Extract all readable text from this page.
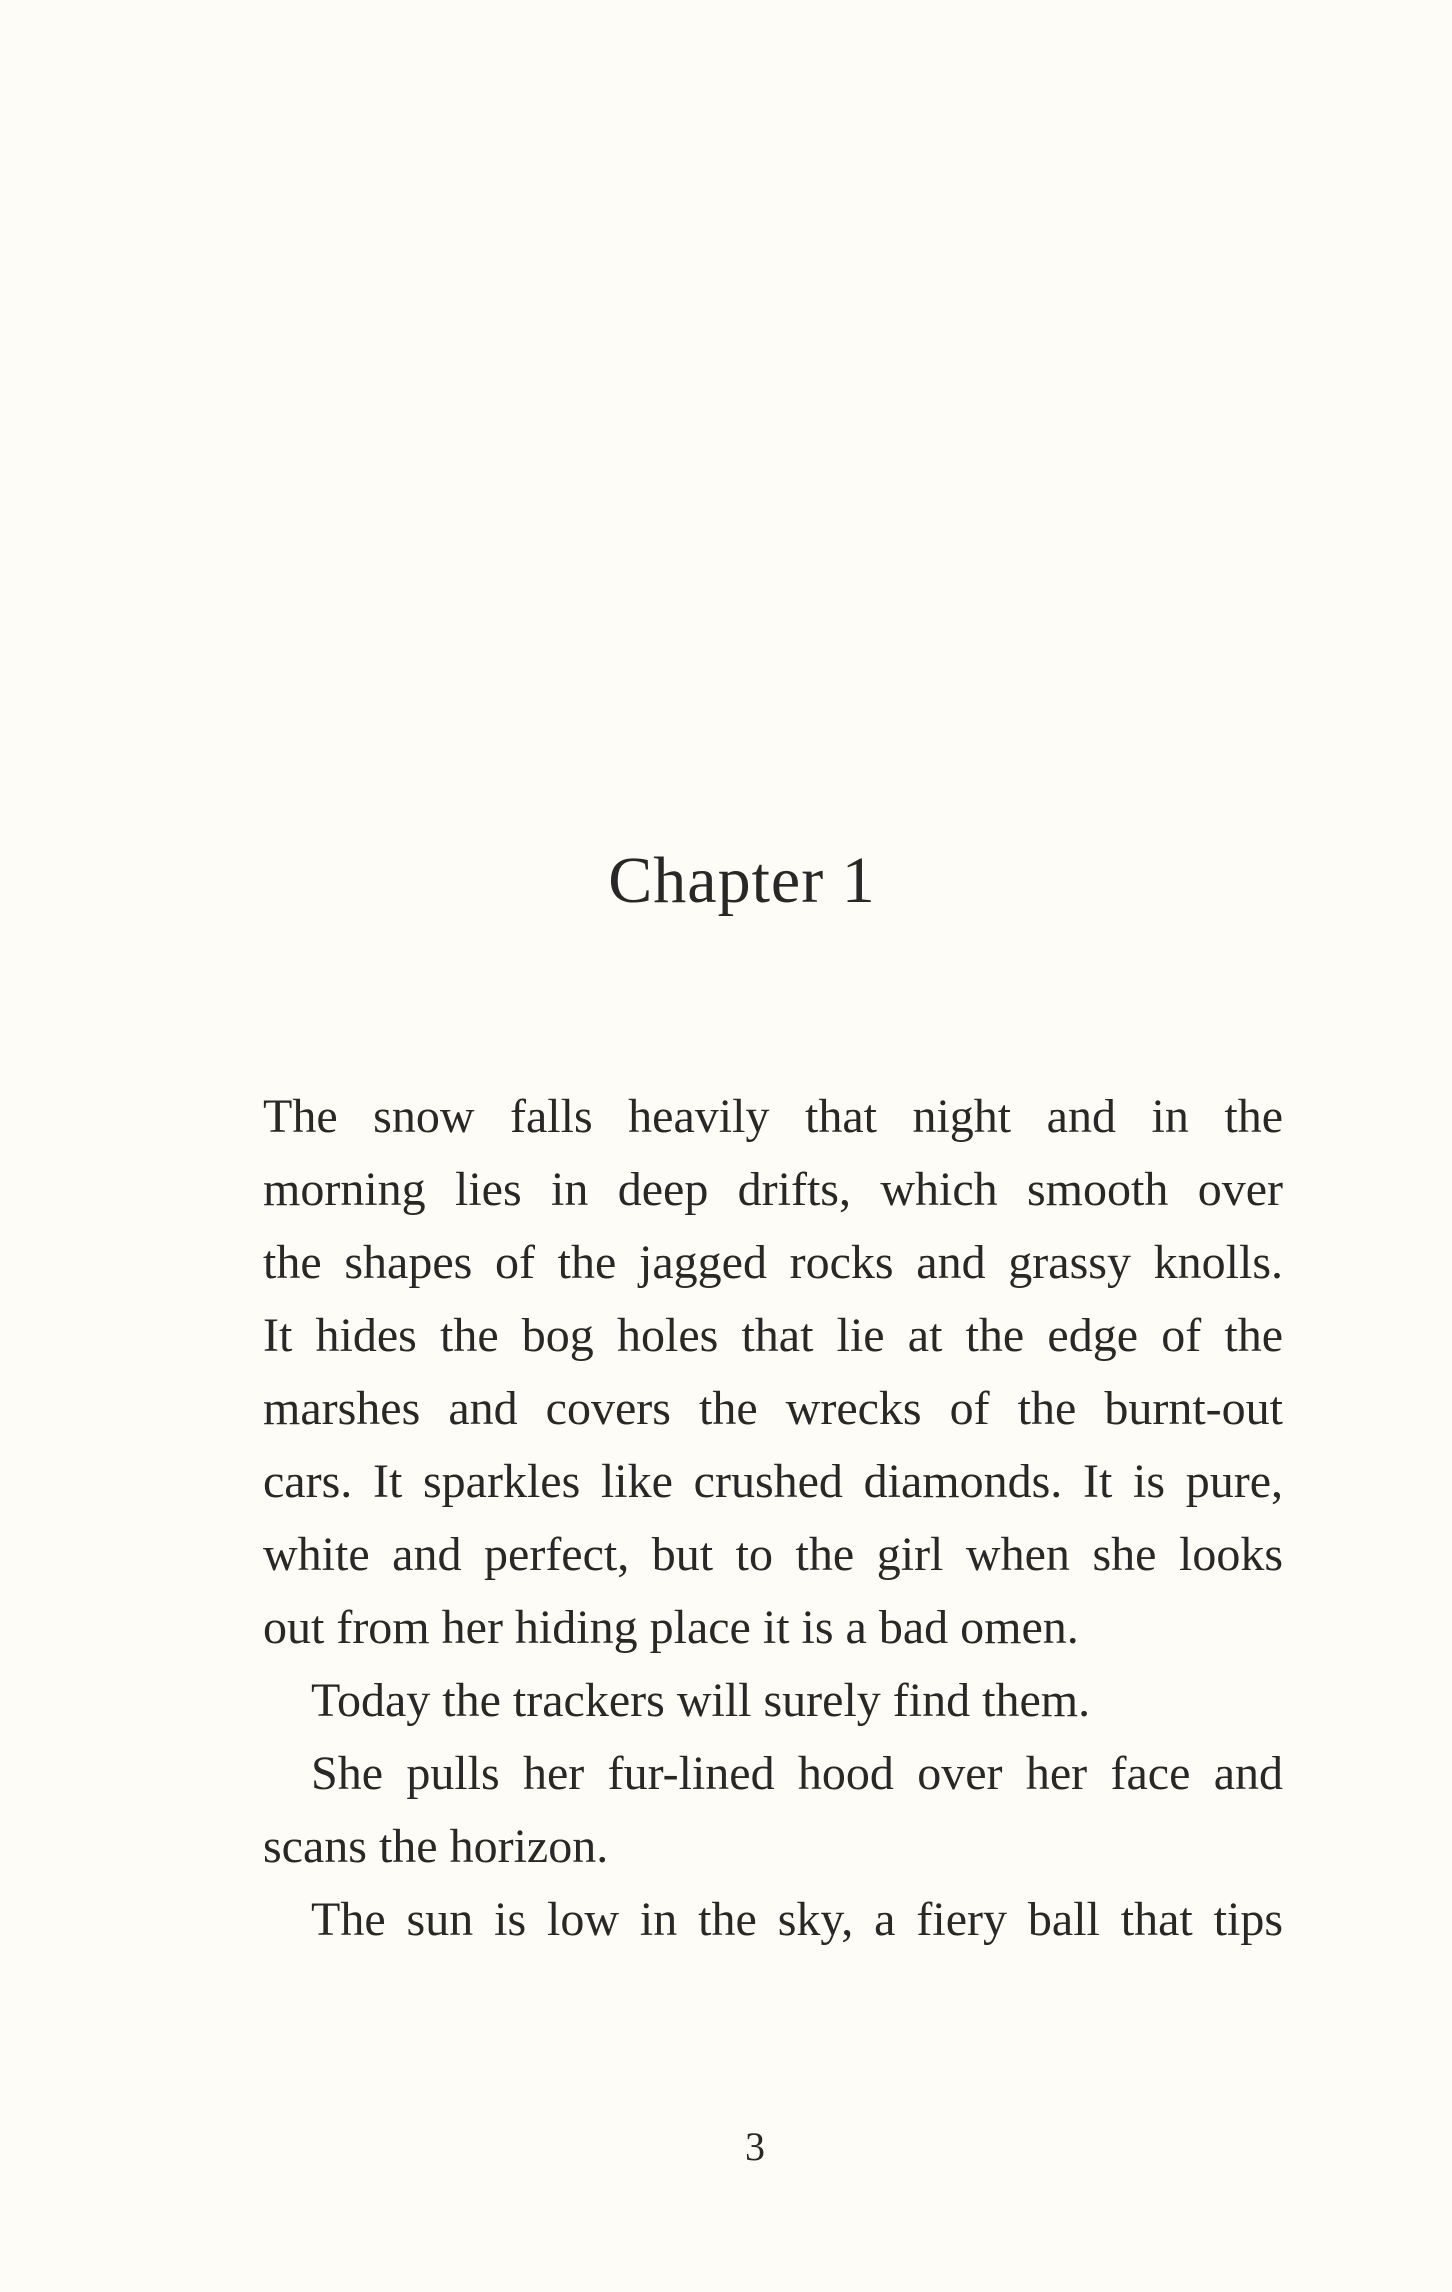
Chapter 1

The snow falls heavily that night and in the
morning lies in deep drifts, which smooth over
the shapes of the jagged rocks and grassy knolls.
It hides the bog holes that lie at the edge of the
marshes and covers the wrecks of the burnt-out
cars. It sparkles like crushed diamonds. It is pure,
white and perfect, but to the girl when she looks
out from her hiding place it is a bad omen.

Today the trackers will surely find them.

She pulls her fur-lined hood over her face and
scans the horizon.

The sun is low in the sky, a fiery ball that tips

3
